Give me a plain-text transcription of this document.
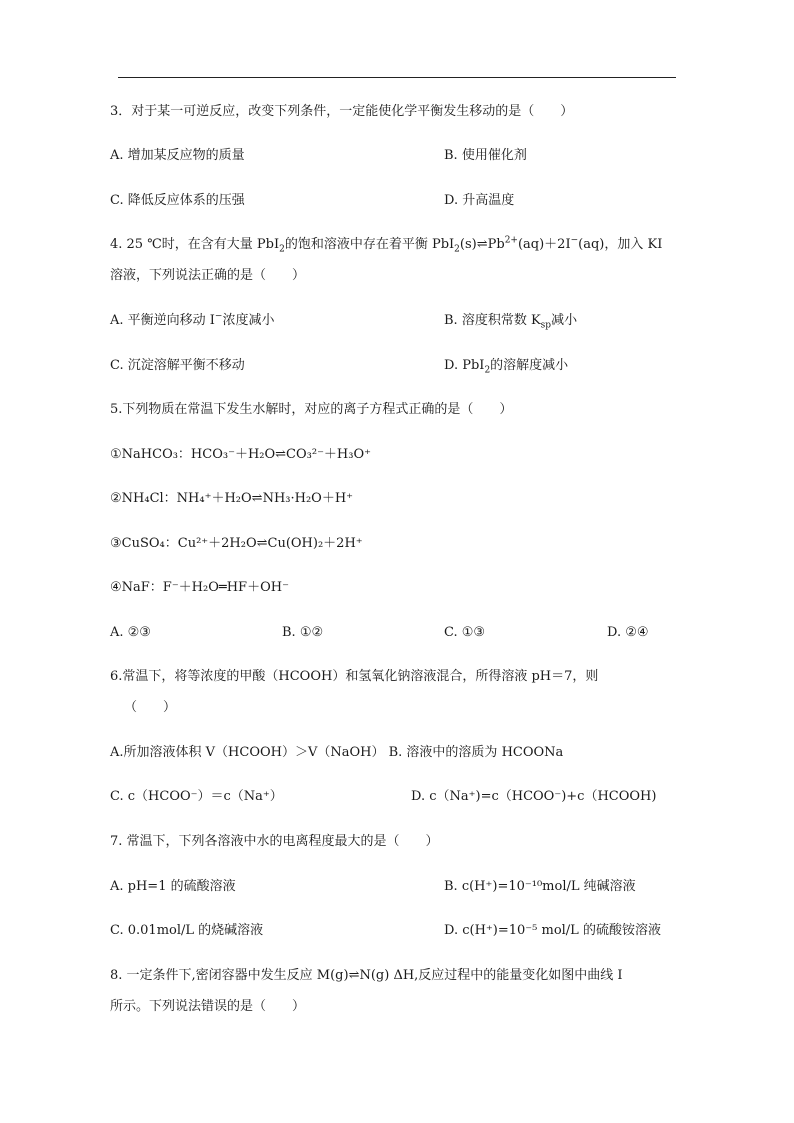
3．对于某一可逆反应，改变下列条件，一定能使化学平衡发生移动的是（　　）
A. 增加某反应物的质量	B. 使用催化剂
C. 降低反应体系的压强	D. 升高温度
4. 25 ℃时，在含有大量 PbI$_2$的饱和溶液中存在着平衡 $PbI_2(s)\rightleftharpoons Pb^{2+}(aq)+2I^-(aq)$，加入 KI
溶液，下列说法正确的是（　　）
A. 平衡逆向移动 I−浓度减小	B. 溶度积常数 $K_{sp}$减小
C. 沉淀溶解平衡不移动	D. PbI$_2$的溶解度减小
5.下列物质在常温下发生水解时，对应的离子方程式正确的是（　　）
①NaHCO₃：HCO₃⁻＋H₂O⇌CO₃²⁻＋H₃O⁺
②NH₄Cl：NH₄⁺＋H₂O⇌NH₃·H₂O＋H⁺
③CuSO₄：Cu²⁺＋2H₂O⇌Cu(OH)₂＋2H⁺
④NaF：F⁻＋H₂O═HF＋OH⁻
A. ②③	B. ①②	C. ①③	D. ②④
6.常温下，将等浓度的甲酸（HCOOH）和氢氧化钠溶液混合，所得溶液 pH＝7，则
（　　）
A.所加溶液体积 V（HCOOH）＞V（NaOH） B. 溶液中的溶质为 HCOONa
C. c（HCOO⁻）＝c（Na⁺）	D. c（Na⁺)=c（HCOO⁻)+c（HCOOH)
7. 常温下，下列各溶液中水的电离程度最大的是（　　）
A. pH=1 的硫酸溶液	B. c(H⁺)=10⁻¹⁰mol/L 纯碱溶液
C. 0.01mol/L 的烧碱溶液	D. c(H⁺)=10⁻⁵ mol/L 的硫酸铵溶液
8. 一定条件下,密闭容器中发生反应 M(g)⇌N(g) ΔH,反应过程中的能量变化如图中曲线 I
所示。下列说法错误的是（　　）
